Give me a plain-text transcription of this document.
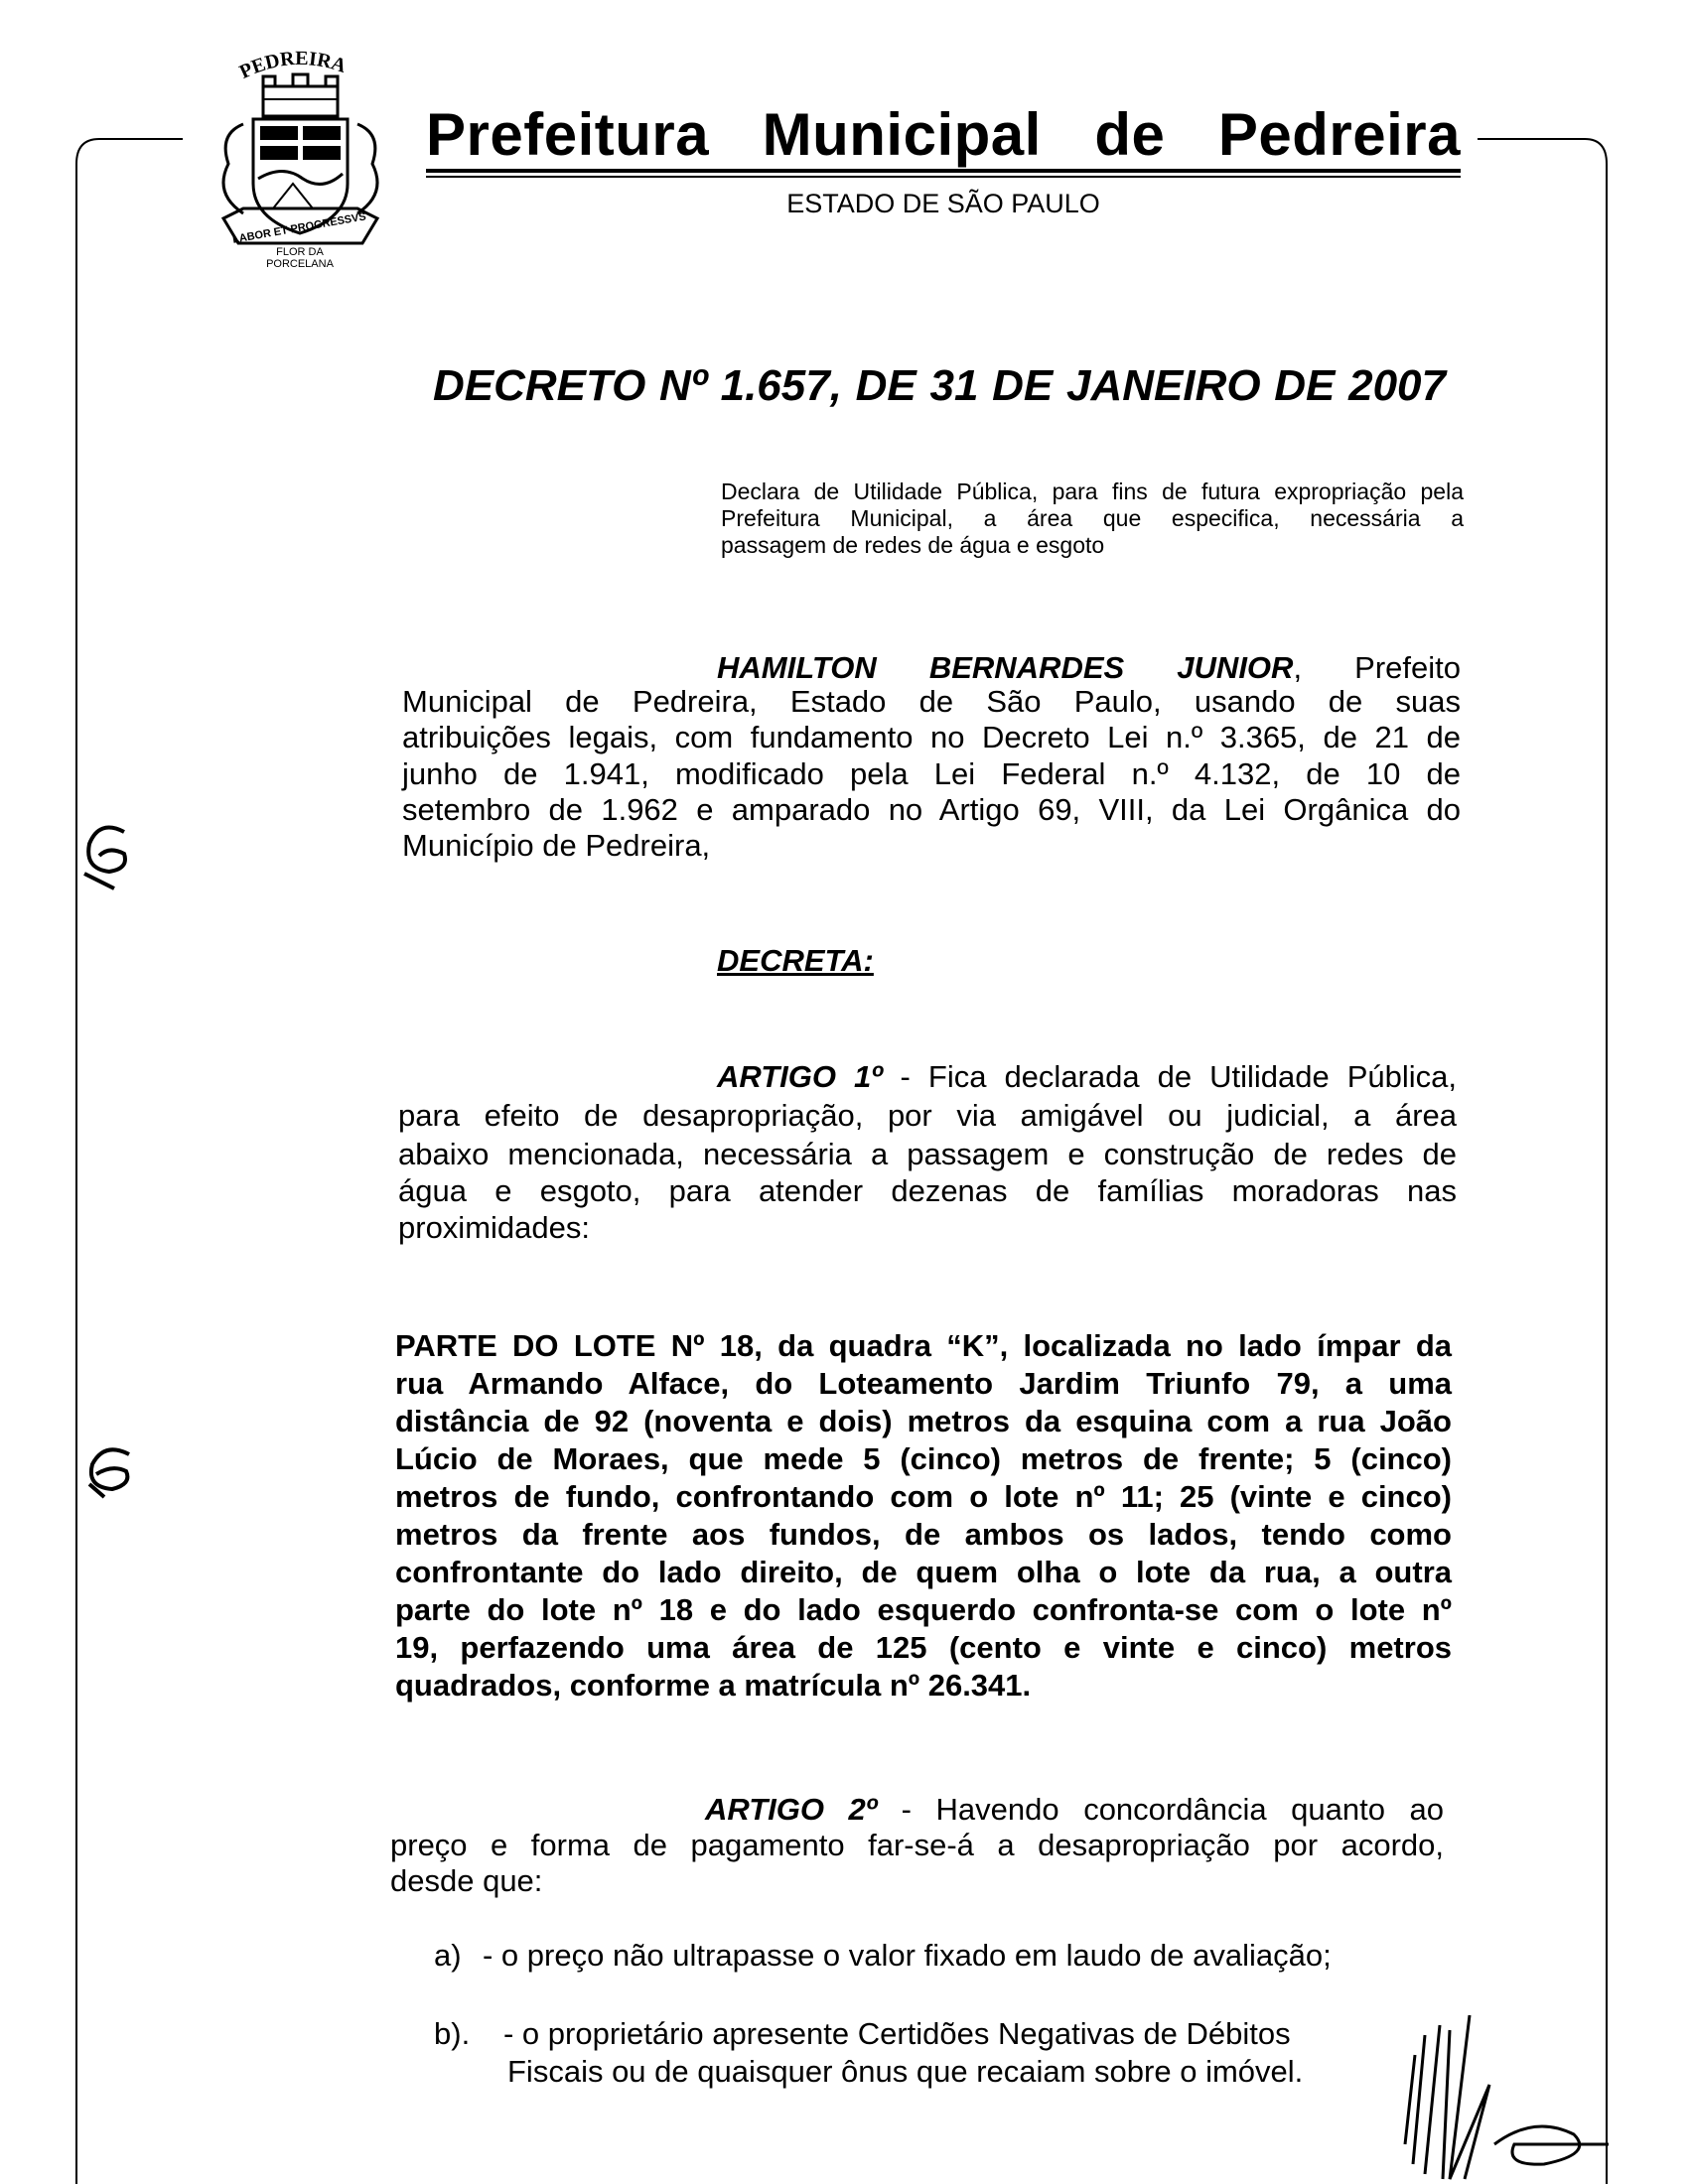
PEDREIRA
LABOR ET PROGRESSVS
FLOR DA
PORCELANA
Prefeitura Municipal de Pedreira
ESTADO DE SÃO PAULO
DECRETO Nº 1.657, DE 31 DE JANEIRO DE 2007
Declara de Utilidade Pública, para fins de futura expropriação pela
Prefeitura Municipal, a área que especifica, necessária a
passagem de redes de água e esgoto
HAMILTON BERNARDES JUNIOR, Prefeito
Municipal de Pedreira, Estado de São Paulo, usando de suas
atribuições legais, com fundamento no Decreto Lei n.º 3.365, de 21 de
junho de 1.941, modificado pela Lei Federal n.º 4.132, de 10 de
setembro de 1.962 e amparado no Artigo 69, VIII, da Lei Orgânica do
Município de Pedreira,
DECRETA:
ARTIGO 1º - Fica declarada de Utilidade Pública,
para efeito de desapropriação, por via amigável ou judicial, a área
abaixo mencionada, necessária a passagem e construção de redes de
água e esgoto, para atender dezenas de famílias moradoras nas
proximidades:
PARTE DO LOTE Nº 18, da quadra “K”, localizada no lado ímpar da
rua Armando Alface, do Loteamento Jardim Triunfo 79, a uma
distância de 92 (noventa e dois) metros da esquina com a rua João
Lúcio de Moraes, que mede 5 (cinco) metros de frente; 5 (cinco)
metros de fundo, confrontando com o lote nº 11; 25 (vinte e cinco)
metros da frente aos fundos, de ambos os lados, tendo como
confrontante do lado direito, de quem olha o lote da rua, a outra
parte do lote nº 18 e do lado esquerdo confronta-se com o lote nº
19, perfazendo uma área de 125 (cento e vinte e cinco) metros
quadrados, conforme a matrícula nº 26.341.
ARTIGO 2º - Havendo concordância quanto ao
preço e forma de pagamento far-se-á a desapropriação por acordo,
desde que:
a) - o preço não ultrapasse o valor fixado em laudo de avaliação;
b). - o proprietário apresente Certidões Negativas de Débitos
Fiscais ou de quaisquer ônus que recaiam sobre o imóvel.
